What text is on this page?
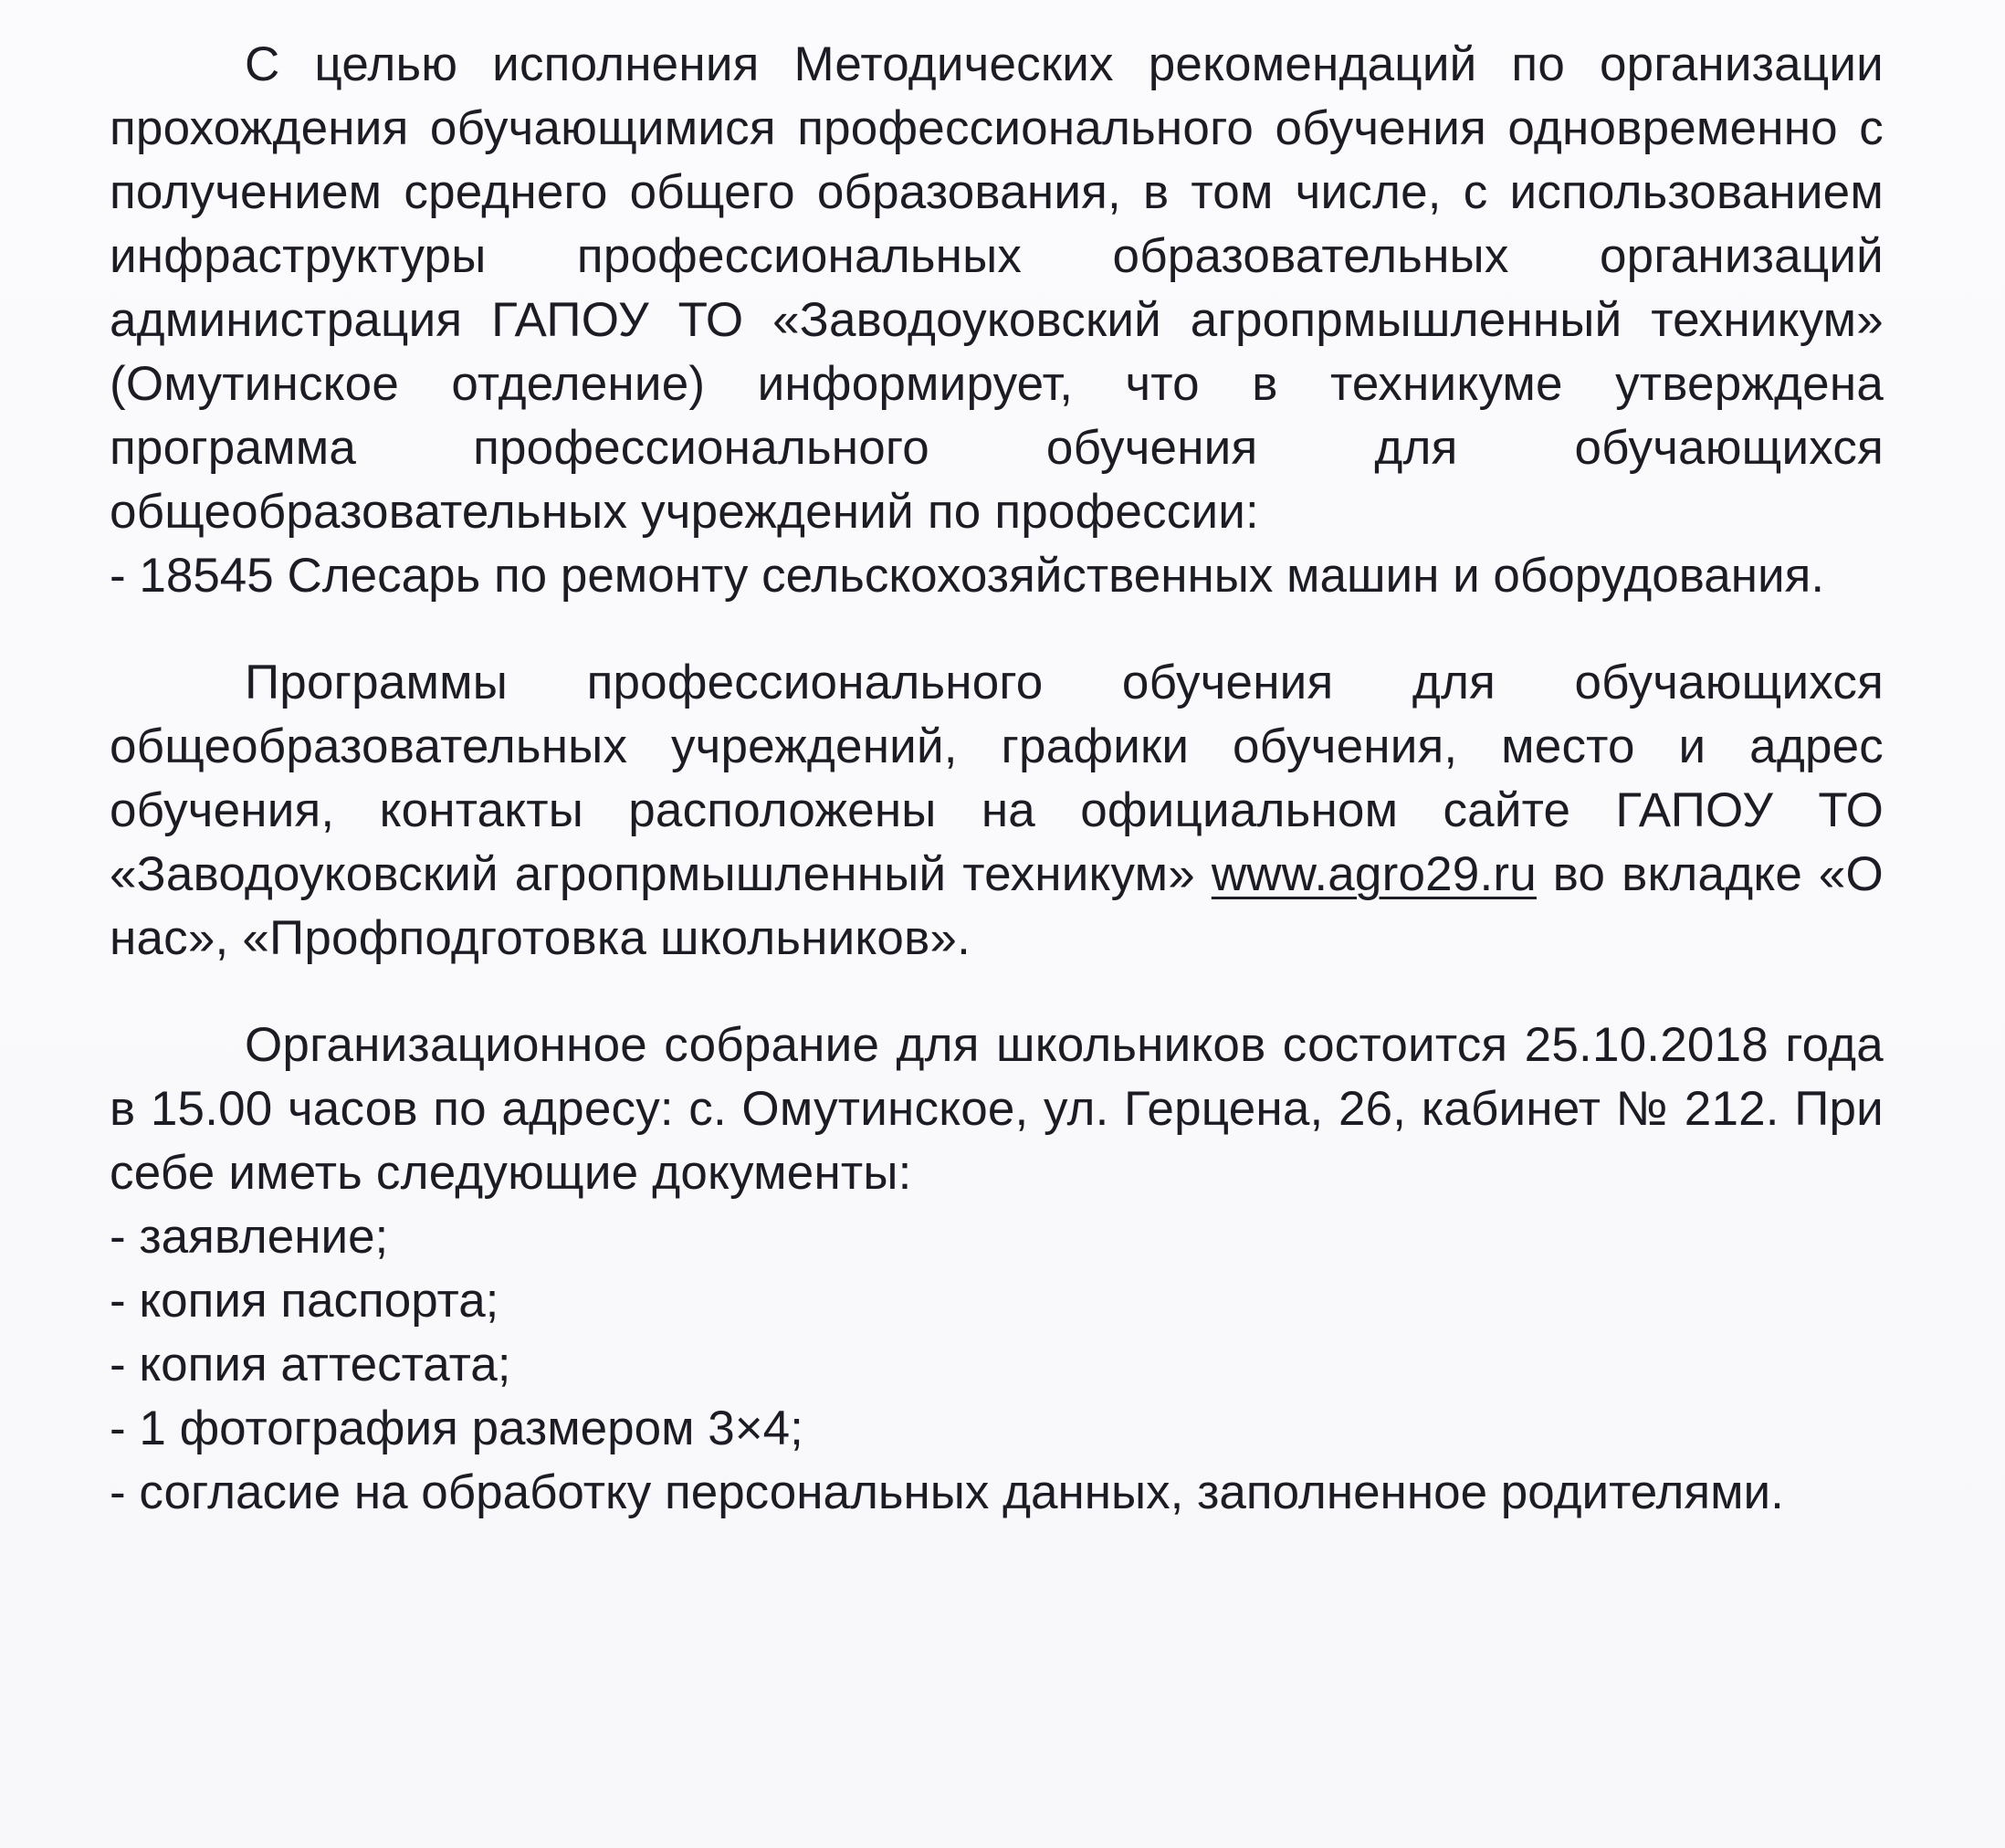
С целью исполнения Методических рекомендаций по организации прохождения обучающимися профессионального обучения одновременно с получением среднего общего образования, в том числе, с использованием инфраструктуры профессиональных образовательных организаций администрация ГАПОУ ТО «Заводоуковский агропрмышленный техникум» (Омутинское отделение) информирует, что в техникуме утверждена программа профессионального обучения для обучающихся общеобразовательных учреждений по профессии:

- 18545 Слесарь по ремонту сельскохозяйственных машин и оборудования.

Программы профессионального обучения для обучающихся общеобразовательных учреждений, графики обучения, место и адрес обучения, контакты расположены на официальном сайте ГАПОУ ТО «Заводоуковский агропрмышленный техникум» www.agro29.ru во вкладке «О нас», «Профподготовка школьников».

Организационное собрание для школьников состоится 25.10.2018 года в 15.00 часов по адресу: с. Омутинское, ул. Герцена, 26, кабинет № 212. При себе иметь следующие документы:

- заявление;

- копия паспорта;

- копия аттестата;

- 1 фотография размером 3×4;

- согласие на обработку персональных данных, заполненное родителями.
